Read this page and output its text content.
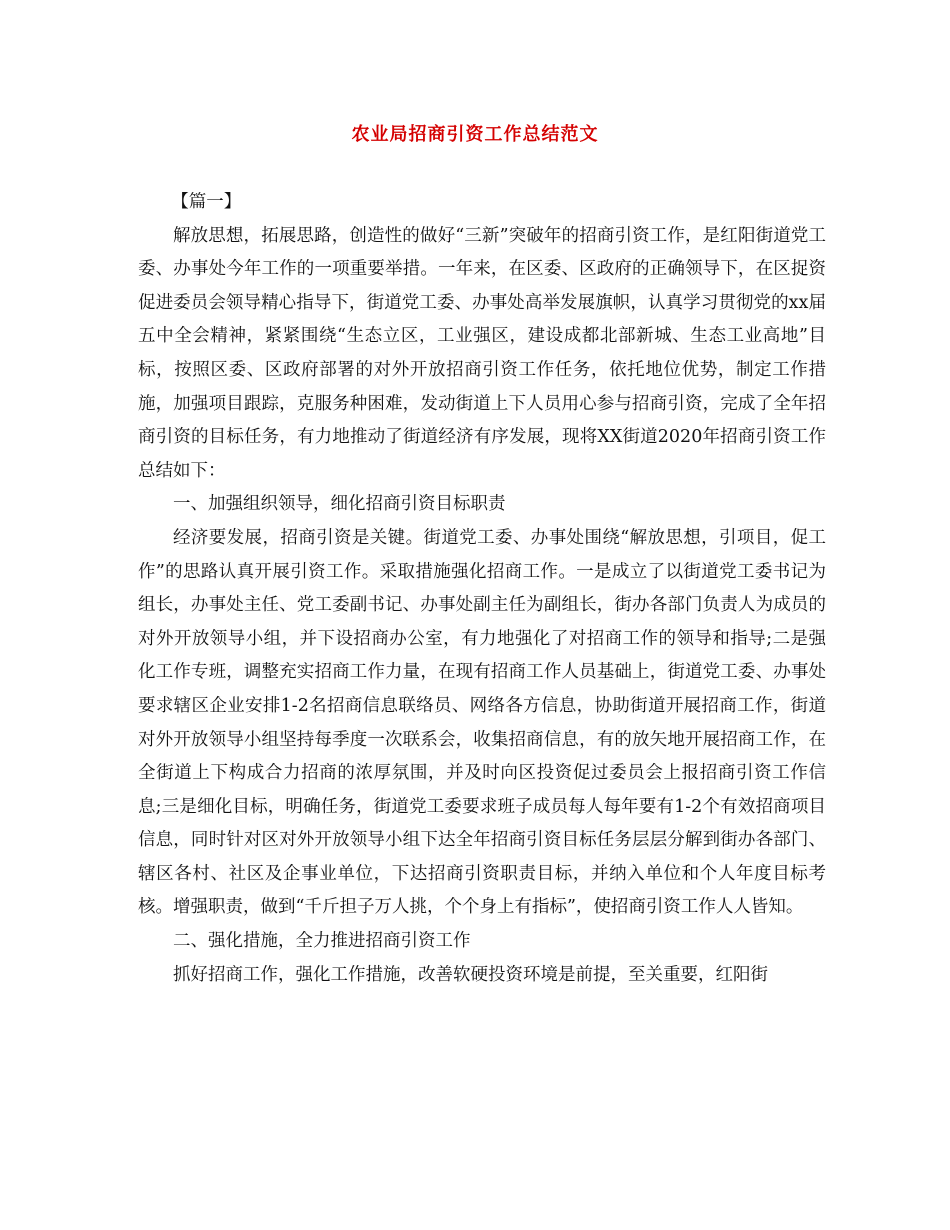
农业局招商引资工作总结范文

【篇一】

解放思想，拓展思路，创造性的做好“三新”突破年的招商引资工作，是红阳街道党工委、办事处今年工作的一项重要举措。一年来，在区委、区政府的正确领导下，在区捉资促进委员会领导精心指导下，街道党工委、办事处高举发展旗帜，认真学习贯彻党的xx届五中全会精神，紧紧围绕“生态立区，工业强区，建设成都北部新城、生态工业高地”目标，按照区委、区政府部署的对外开放招商引资工作任务，依托地位优势，制定工作措施，加强项目跟踪，克服务种困难，发动街道上下人员用心参与招商引资，完成了全年招商引资的目标任务，有力地推动了街道经济有序发展，现将XX街道2020年招商引资工作总结如下：

一、加强组织领导，细化招商引资目标职责

经济要发展，招商引资是关键。街道党工委、办事处围绕“解放思想，引项目，促工作”的思路认真开展引资工作。采取措施强化招商工作。一是成立了以街道党工委书记为组长，办事处主任、党工委副书记、办事处副主任为副组长，街办各部门负责人为成员的对外开放领导小组，并下设招商办公室，有力地强化了对招商工作的领导和指导;二是强化工作专班，调整充实招商工作力量，在现有招商工作人员基础上，街道党工委、办事处要求辖区企业安排1-2名招商信息联络员、网络各方信息，协助街道开展招商工作，街道对外开放领导小组坚持每季度一次联系会，收集招商信息，有的放矢地开展招商工作，在全街道上下构成合力招商的浓厚氛围，并及时向区投资促过委员会上报招商引资工作信息;三是细化目标，明确任务，街道党工委要求班子成员每人每年要有1-2个有效招商项目信息，同时针对区对外开放领导小组下达全年招商引资目标任务层层分解到街办各部门、辖区各村、社区及企事业单位，下达招商引资职责目标，并纳入单位和个人年度目标考核。增强职责，做到“千斤担子万人挑，个个身上有指标”，使招商引资工作人人皆知。

二、强化措施，全力推进招商引资工作

抓好招商工作，强化工作措施，改善软硬投资环境是前提，至关重要，红阳街
